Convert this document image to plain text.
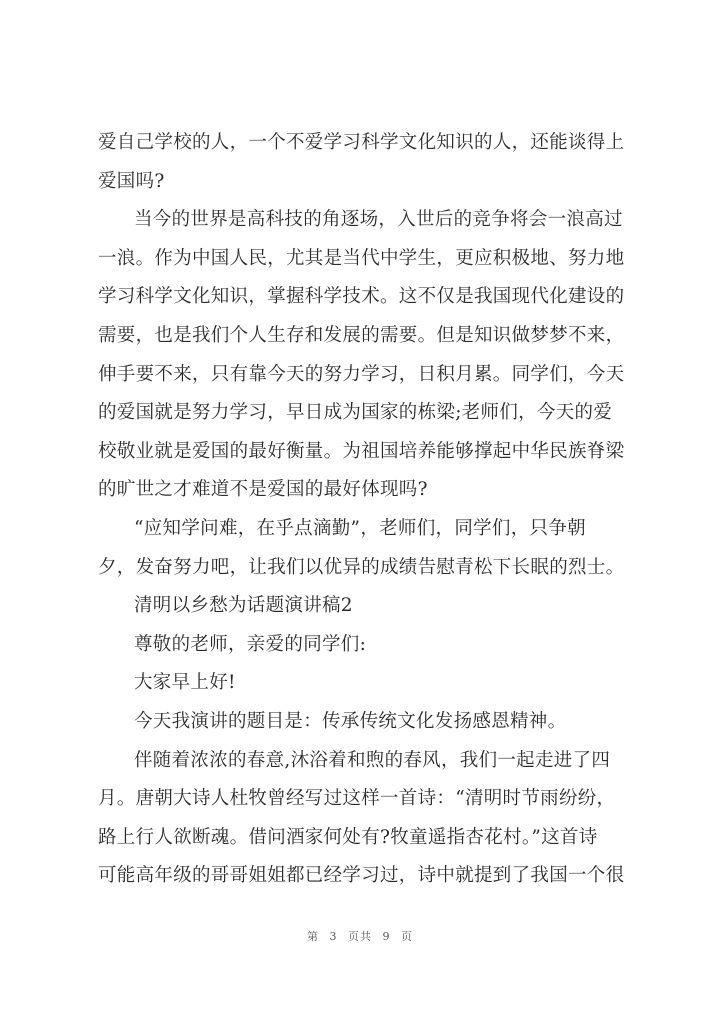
爱自己学校的人，一个不爱学习科学文化知识的人，还能谈得上
爱国吗?
当今的世界是高科技的角逐场，入世后的竞争将会一浪高过
一浪。作为中国人民，尤其是当代中学生，更应积极地、努力地
学习科学文化知识，掌握科学技术。这不仅是我国现代化建设的
需要，也是我们个人生存和发展的需要。但是知识做梦梦不来，
伸手要不来，只有靠今天的努力学习，日积月累。同学们，今天
的爱国就是努力学习，早日成为国家的栋梁;老师们，今天的爱
校敬业就是爱国的最好衡量。为祖国培养能够撑起中华民族脊梁
的旷世之才难道不是爱国的最好体现吗?
“应知学问难，在乎点滴勤”，老师们，同学们，只争朝
夕，发奋努力吧，让我们以优异的成绩告慰青松下长眠的烈士。
清明以乡愁为话题演讲稿2
尊敬的老师，亲爱的同学们:
大家早上好!
今天我演讲的题目是：传承传统文化发扬感恩精神。
伴随着浓浓的春意,沐浴着和煦的春风，我们一起走进了四
月。唐朝大诗人杜牧曾经写过这样一首诗：“清明时节雨纷纷，
路上行人欲断魂。借问酒家何处有?牧童遥指杏花村。”这首诗
可能高年级的哥哥姐姐都已经学习过，诗中就提到了我国一个很
第 3 页共 9 页
